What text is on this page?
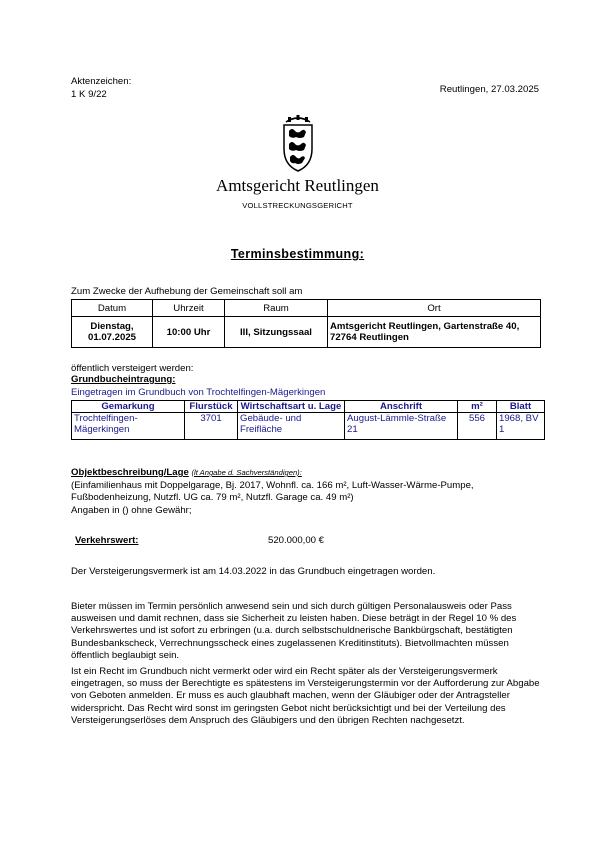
Aktenzeichen:
1 K 9/22	Reutlingen, 27.03.2025
Amtsgericht Reutlingen
VOLLSTRECKUNGSGERICHT
Terminsbestimmung:
Zum Zwecke der Aufhebung der Gemeinschaft soll am
Datum	Uhrzeit	Raum	Ort
Dienstag, 01.07.2025	10:00 Uhr	III, Sitzungssaal	Amtsgericht Reutlingen, Gartenstraße 40, 72764 Reutlingen
öffentlich versteigert werden:
Grundbucheintragung:
Eingetragen im Grundbuch von Trochtelfingen-Mägerkingen
Gemarkung	Flurstück	Wirtschaftsart u. Lage	Anschrift	m²	Blatt
Trochtelfingen-Mägerkingen	3701	Gebäude- und Freifläche	August-Lämmle-Straße 21	556	1968, BV 1
Objektbeschreibung/Lage (lt Angabe d. Sachverständigen):
(Einfamilienhaus mit Doppelgarage, Bj. 2017, Wohnfl. ca. 166 m², Luft-Wasser-Wärme-Pumpe, Fußbodenheizung, Nutzfl. UG ca. 79 m², Nutzfl. Garage ca. 49 m²)
Angaben in () ohne Gewähr;
Verkehrswert:	520.000,00 €
Der Versteigerungsvermerk ist am 14.03.2022 in das Grundbuch eingetragen worden.
Bieter müssen im Termin persönlich anwesend sein und sich durch gültigen Personalausweis oder Pass ausweisen und damit rechnen, dass sie Sicherheit zu leisten haben. Diese beträgt in der Regel 10 % des Verkehrswertes und ist sofort zu erbringen (u.a. durch selbstschuldnerische Bankbürgschaft, bestätigten Bundesbankscheck, Verrechnungsscheck eines zugelassenen Kreditinstituts). Bietvollmachten müssen öffentlich beglaubigt sein.
Ist ein Recht im Grundbuch nicht vermerkt oder wird ein Recht später als der Versteigerungsvermerk eingetragen, so muss der Berechtigte es spätestens im Versteigerungstermin vor der Aufforderung zur Abgabe von Geboten anmelden. Er muss es auch glaubhaft machen, wenn der Gläubiger oder der Antragsteller widerspricht. Das Recht wird sonst im geringsten Gebot nicht berücksichtigt und bei der Verteilung des Versteigerungserlöses dem Anspruch des Gläubigers und den übrigen Rechten nachgesetzt.
